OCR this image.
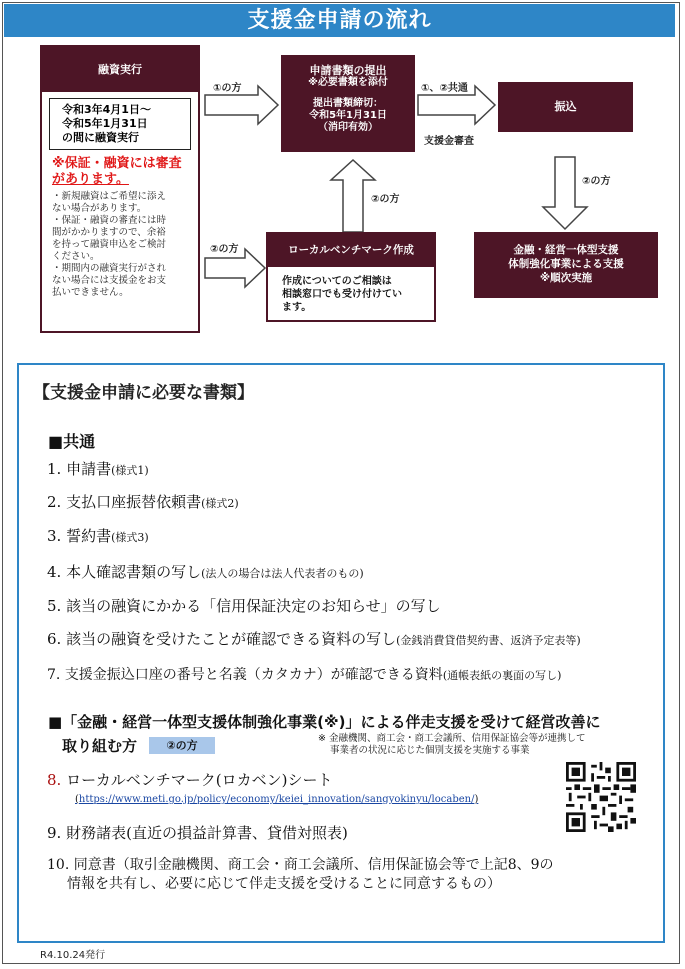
支援金申請の流れ
融資実行
令和3年4月1日～
令和5年1月31日
の間に融資実行
※保証・融資には審査
があります。
・新規融資はご希望に添え
ない場合があります。
・保証・融資の審査には時
間がかかりますので、余裕
を持って融資申込をご検討
ください。
・期間内の融資実行がされ
ない場合には支援金をお支
払いできません。
申請書類の提出
※必要書類を添付
提出書類締切：
令和5年1月31日
（消印有効）
振込
金融・経営一体型支援
体制強化事業による支援
※順次実施
ローカルベンチマーク作成
作成についてのご相談は
相談窓口でも受け付けてい
ます。
①の方	①、②共通
支援金審査
②の方
②の方
②の方
【支援金申請に必要な書類】
■共通
1. 申請書(様式1)
2. 支払口座振替依頼書(様式2)
3. 誓約書(様式3)
4. 本人確認書類の写し(法人の場合は法人代表者のもの)
5. 該当の融資にかかる「信用保証決定のお知らせ」の写し
6. 該当の融資を受けたことが確認できる資料の写し(金銭消費貸借契約書、返済予定表等)
7. 支援金振込口座の番号と名義（カタカナ）が確認できる資料(通帳表紙の裏面の写し)
■「金融・経営一体型支援体制強化事業(※)」による伴走支援を受けて経営改善に
取り組む方	②の方
※ 金融機関、商工会・商工会議所、信用保証協会等が連携して
事業者の状況に応じた個別支援を実施する事業
8. ローカルベンチマーク(ロカベン)シート
(https://www.meti.go.jp/policy/economy/keiei_innovation/sangyokinyu/locaben/)
9. 財務諸表(直近の損益計算書、貸借対照表)
10. 同意書（取引金融機関、商工会・商工会議所、信用保証協会等で上記8、9の
情報を共有し、必要に応じて伴走支援を受けることに同意するもの）
R4.10.24発行
